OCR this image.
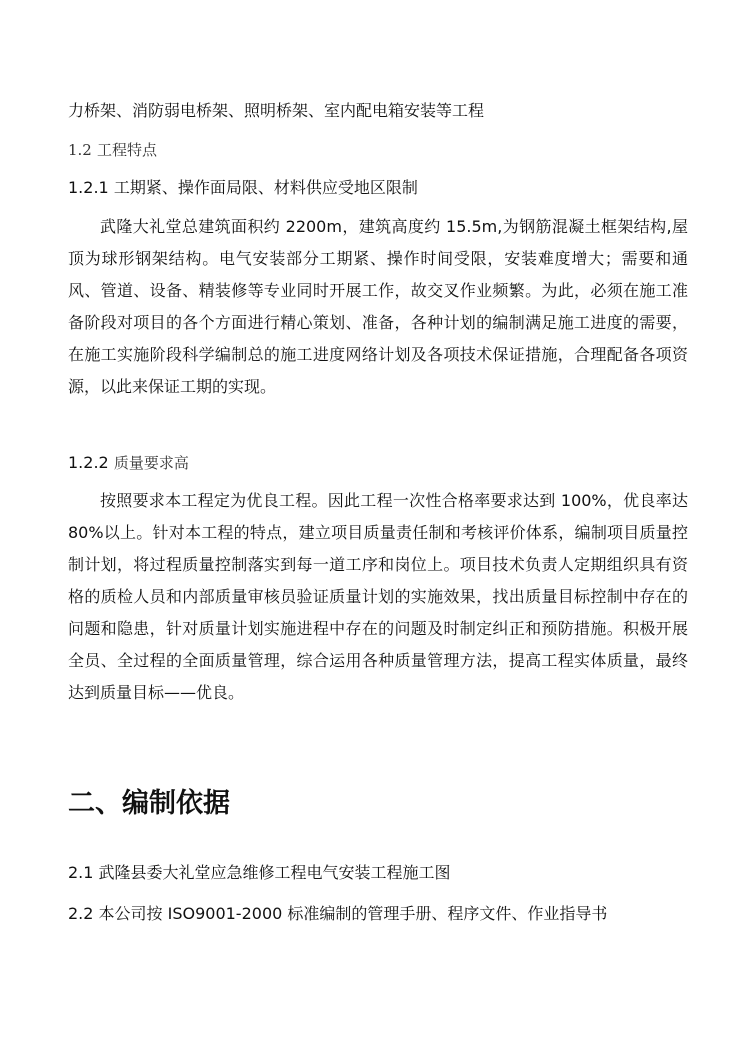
力桥架、消防弱电桥架、照明桥架、室内配电箱安装等工程
1.2 工程特点
1.2.1 工期紧、操作面局限、材料供应受地区限制

武隆大礼堂总建筑面积约 2200m，建筑高度约 15.5m,为钢筋混凝土框架结构,屋顶为球形钢架结构。电气安装部分工期紧、操作时间受限，安装难度增大；需要和通风、管道、设备、精装修等专业同时开展工作，故交叉作业频繁。为此，必须在施工准备阶段对项目的各个方面进行精心策划、准备，各种计划的编制满足施工进度的需要，在施工实施阶段科学编制总的施工进度网络计划及各项技术保证措施，合理配备各项资源，以此来保证工期的实现。

1.2.2 质量要求高

按照要求本工程定为优良工程。因此工程一次性合格率要求达到 100%，优良率达 80%以上。针对本工程的特点，建立项目质量责任制和考核评价体系，编制项目质量控制计划，将过程质量控制落实到每一道工序和岗位上。项目技术负责人定期组织具有资格的质检人员和内部质量审核员验证质量计划的实施效果，找出质量目标控制中存在的问题和隐患，针对质量计划实施进程中存在的问题及时制定纠正和预防措施。积极开展全员、全过程的全面质量管理，综合运用各种质量管理方法，提高工程实体质量，最终达到质量目标——优良。

二、编制依据
2.1 武隆县委大礼堂应急维修工程电气安装工程施工图
2.2 本公司按 ISO9001-2000 标准编制的管理手册、程序文件、作业指导书
